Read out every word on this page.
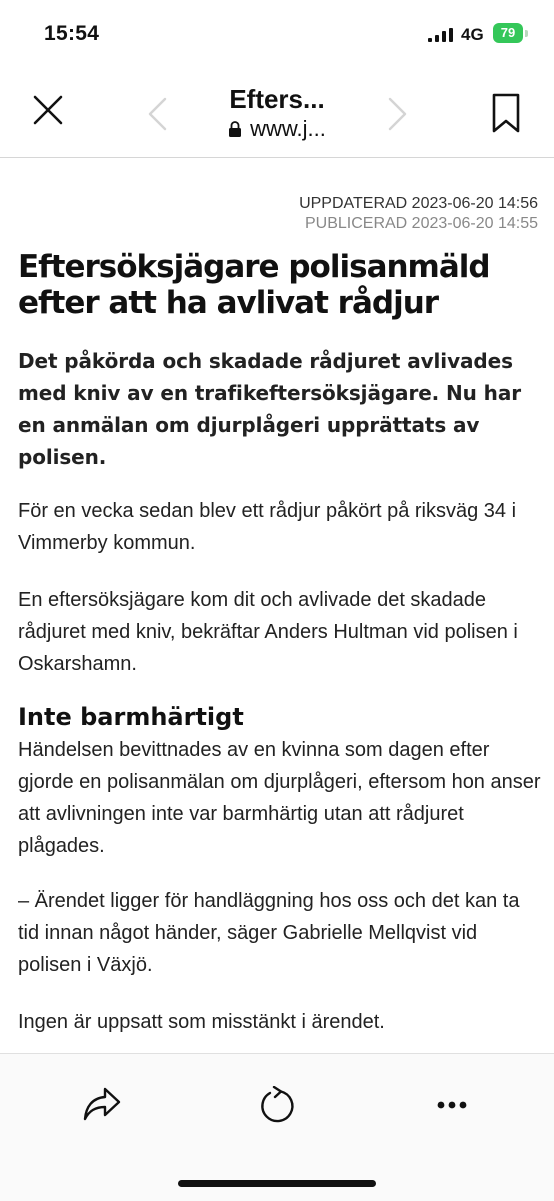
15:54	4G	79
Efters...
www.j...
UPPDATERAD 2023-06-20 14:56
PUBLICERAD 2023-06-20 14:55
Eftersöksjägare polisanmäld efter att ha avlivat rådjur

Det påkörda och skadade rådjuret avlivades med kniv av en trafikeftersöksjägare. Nu har en anmälan om djurplågeri upprättats av polisen.

För en vecka sedan blev ett rådjur påkört på riksväg 34 i Vimmerby kommun.

En eftersöksjägare kom dit och avlivade det skadade rådjuret med kniv, bekräftar Anders Hultman vid polisen i Oskarshamn.

Inte barmhärtigt

Händelsen bevittnades av en kvinna som dagen efter gjorde en polisanmälan om djurplågeri, eftersom hon anser att avlivningen inte var barmhärtig utan att rådjuret plågades.

– Ärendet ligger för handläggning hos oss och det kan ta tid innan något händer, säger Gabrielle Mellqvist vid polisen i Växjö.

Ingen är uppsatt som misstänkt i ärendet.
